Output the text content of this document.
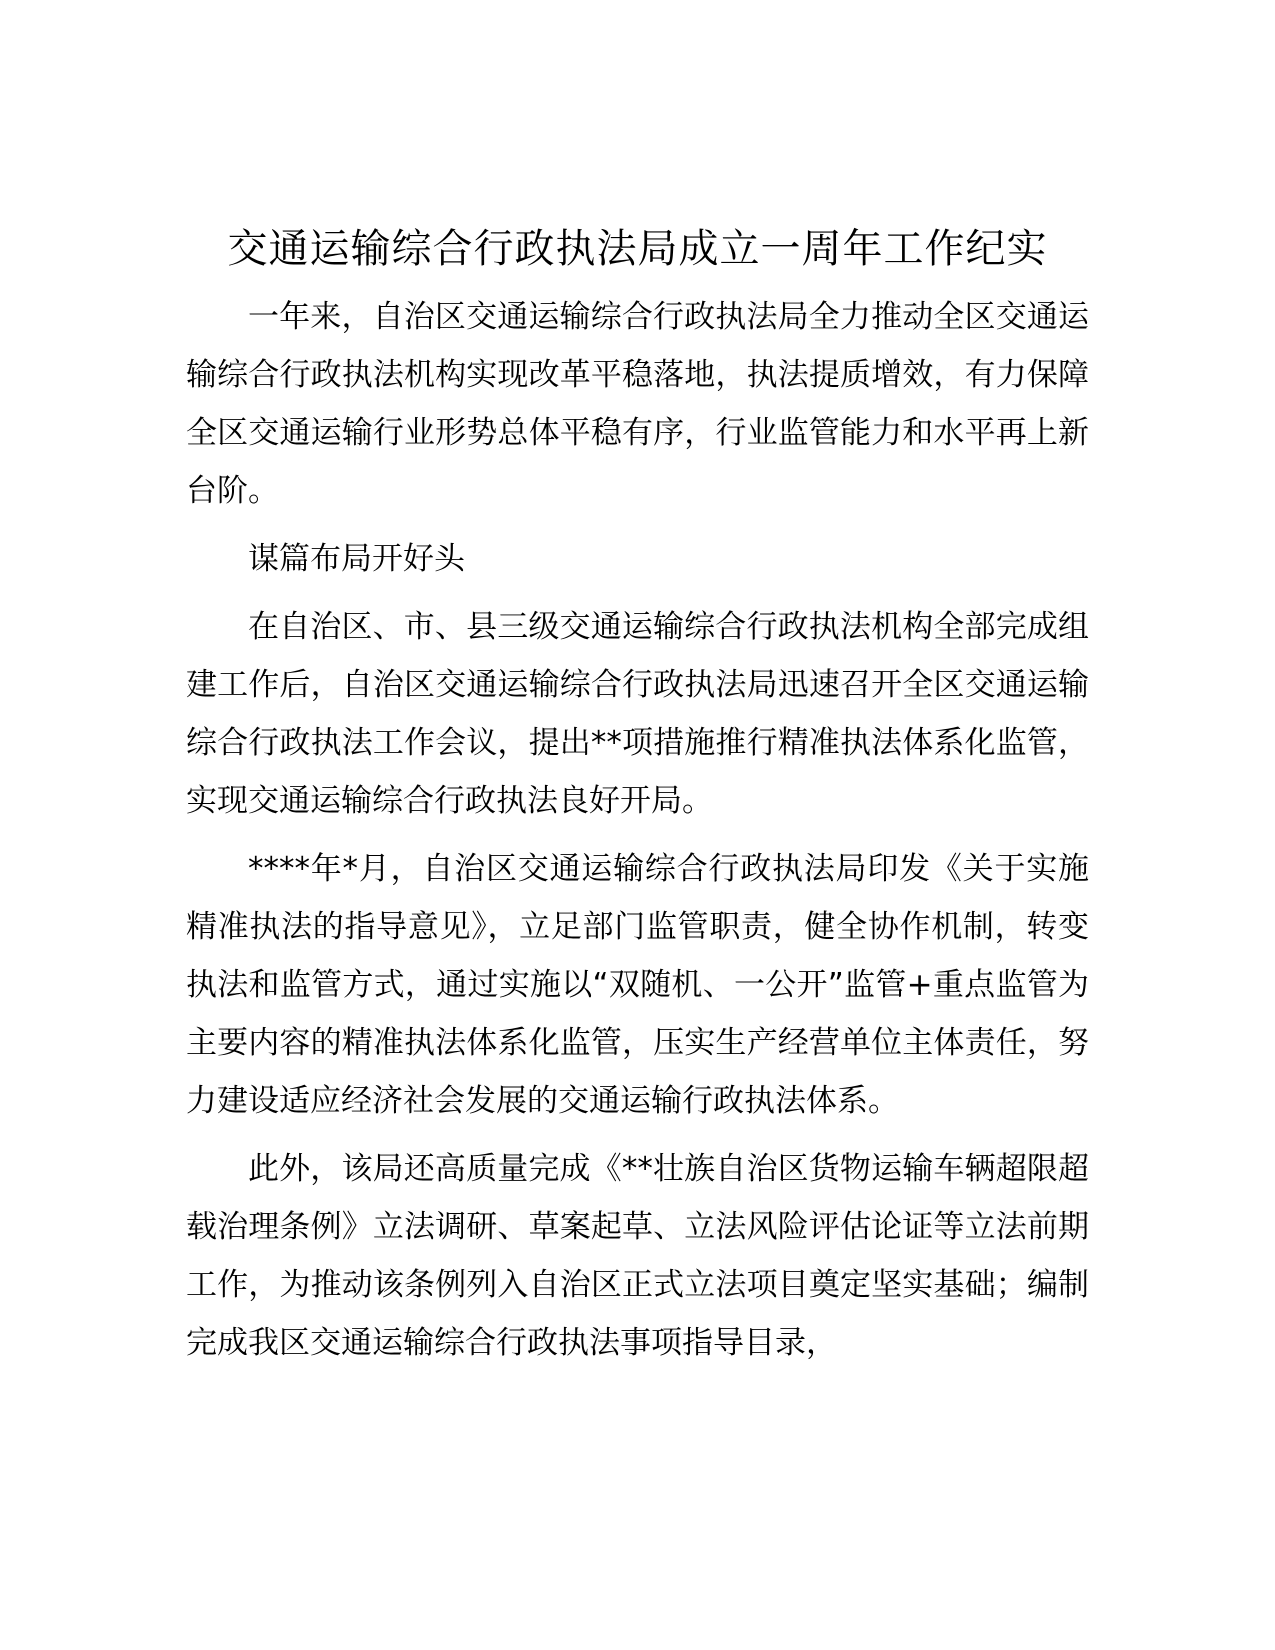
交通运输综合行政执法局成立一周年工作纪实

一年来，自治区交通运输综合行政执法局全力推动全区交通运输综合行政执法机构实现改革平稳落地，执法提质增效，有力保障全区交通运输行业形势总体平稳有序，行业监管能力和水平再上新台阶。

谋篇布局开好头

在自治区、市、县三级交通运输综合行政执法机构全部完成组建工作后，自治区交通运输综合行政执法局迅速召开全区交通运输综合行政执法工作会议，提出**项措施推行精准执法体系化监管，实现交通运输综合行政执法良好开局。

****年*月，自治区交通运输综合行政执法局印发《关于实施精准执法的指导意见》，立足部门监管职责，健全协作机制，转变执法和监管方式，通过实施以“双随机、一公开”监管+重点监管为主要内容的精准执法体系化监管，压实生产经营单位主体责任，努力建设适应经济社会发展的交通运输行政执法体系。

此外，该局还高质量完成《**壮族自治区货物运输车辆超限超载治理条例》立法调研、草案起草、立法风险评估论证等立法前期工作，为推动该条例列入自治区正式立法项目奠定坚实基础；编制完成我区交通运输综合行政执法事项指导目录，
